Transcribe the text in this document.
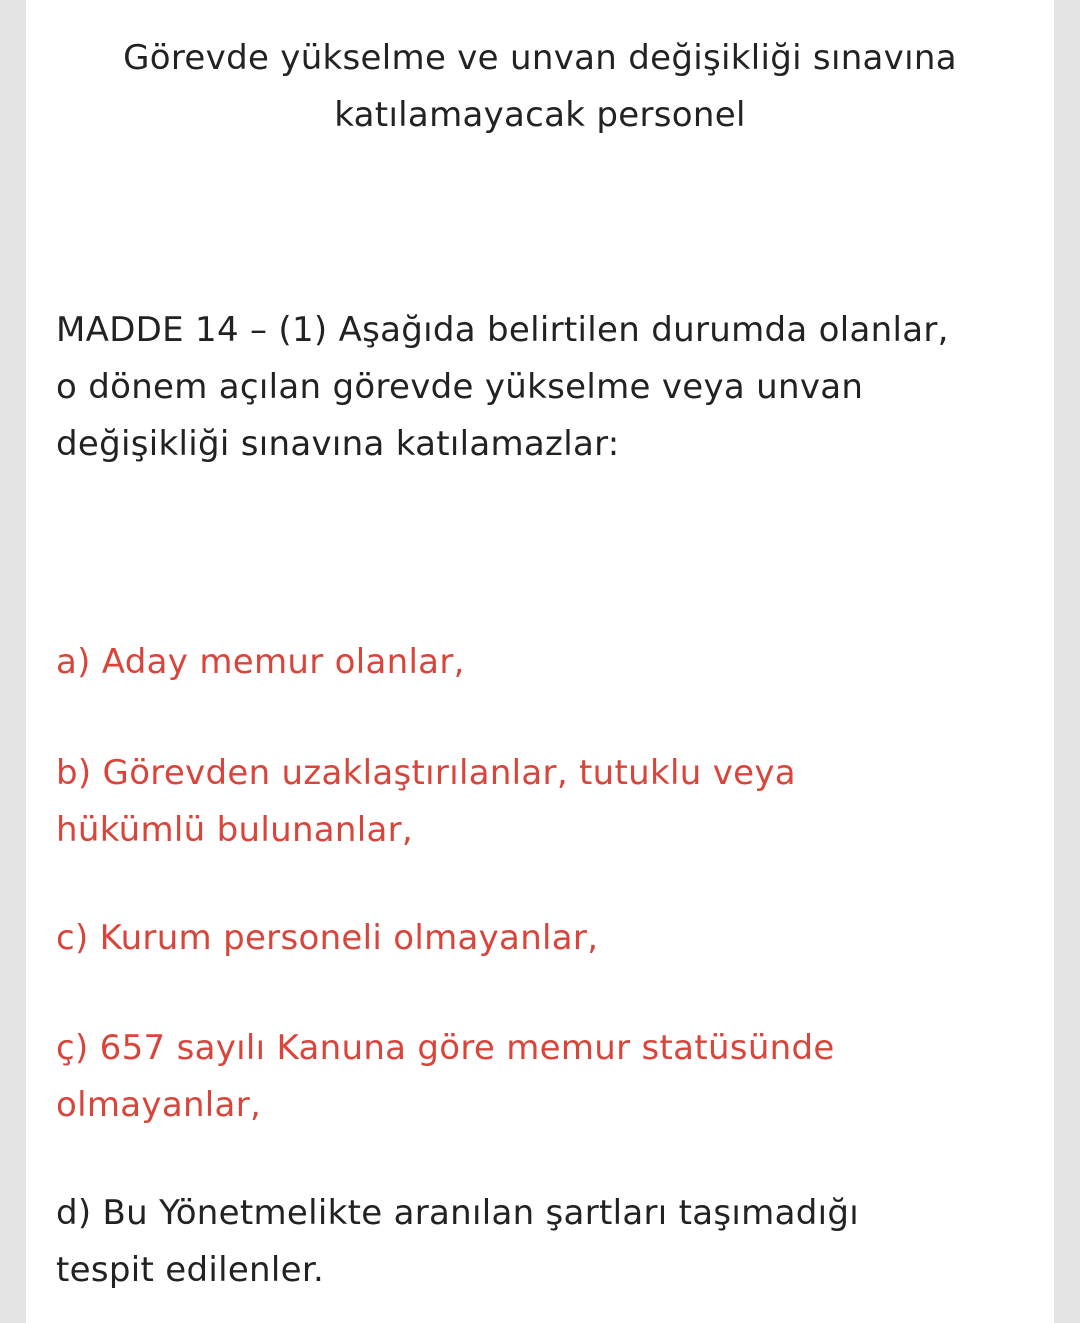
Görevde yükselme ve unvan değişikliği sınavına
katılamayacak personel
MADDE 14 – (1) Aşağıda belirtilen durumda olanlar,
o dönem açılan görevde yükselme veya unvan
değişikliği sınavına katılamazlar:
a) Aday memur olanlar,
b) Görevden uzaklaştırılanlar, tutuklu veya
hükümlü bulunanlar,
c) Kurum personeli olmayanlar,
ç) 657 sayılı Kanuna göre memur statüsünde
olmayanlar,
d) Bu Yönetmelikte aranılan şartları taşımadığı
tespit edilenler.
